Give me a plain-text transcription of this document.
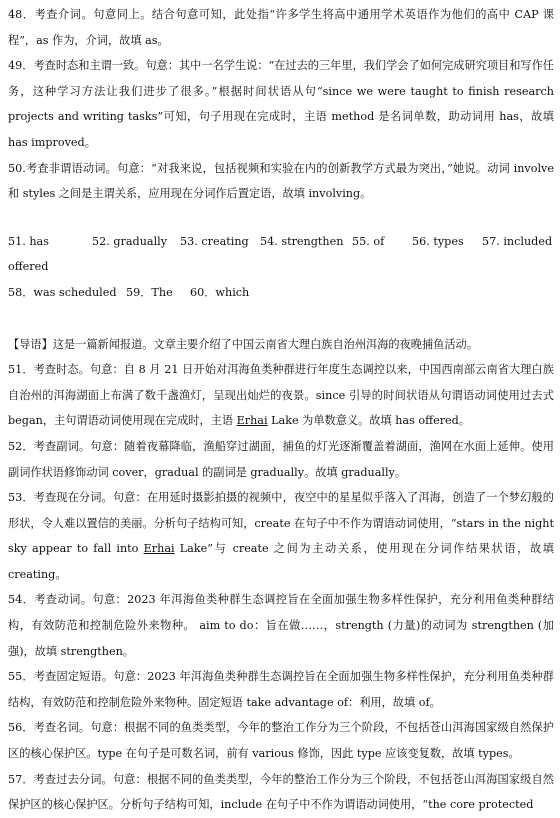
48．考查介词。句意同上。结合句意可知，此处指“许多学生将高中通用学术英语作为他们的高中 CAP 课程”，as 作为，介词，故填 as。

49．考查时态和主谓一致。句意：其中一名学生说：“在过去的三年里，我们学会了如何完成研究项目和写作任务，这种学习方法让我们进步了很多。”根据时间状语从句“since we were taught to finish research projects and writing tasks”可知，句子用现在完成时，主语 method 是名词单数，助动词用 has，故填 has improved。

50.考查非谓语动词。句意：“对我来说，包括视频和实验在内的创新教学方式最为突出，”她说。动词 involve 和 styles 之间是主谓关系，应用现在分词作后置定语，故填 involving。

51. has offered
52. gradually	53. creating	54. strengthen 55. of	56. types	57. included
58．was scheduled 59．The	60．which

【导语】这是一篇新闻报道。文章主要介绍了中国云南省大理白族自治州洱海的夜晚捕鱼活动。

51．考查时态。句意：自 8 月 21 日开始对洱海鱼类种群进行年度生态调控以来，中国西南部云南省大理白族自治州的洱海湖面上布满了数千盏渔灯，呈现出灿烂的夜景。since 引导的时间状语从句谓语动词使用过去式 began，主句谓语动词使用现在完成时，主语 Erhai Lake 为单数意义。故填 has offered。

52．考查副词。句意：随着夜幕降临，渔船穿过湖面，捕鱼的灯光逐渐覆盖着湖面，渔网在水面上延伸。使用副词作状语修饰动词 cover，gradual 的副词是 gradually。故填 gradually。

53．考查现在分词。句意：在用延时摄影拍摄的视频中，夜空中的星星似乎落入了洱海，创造了一个梦幻般的形状，令人难以置信的美丽。分析句子结构可知，create 在句子中不作为谓语动词使用，“stars in the night sky appear to fall into Erhai Lake”与 create 之间为主动关系，使用现在分词作结果状语，故填 creating。

54．考查动词。句意：2023 年洱海鱼类种群生态调控旨在全面加强生物多样性保护，充分利用鱼类种群结构，有效防范和控制危险外来物种。 aim to do：旨在做……，strength (力量)的动词为 strengthen (加强)，故填 strengthen。

55．考查固定短语。句意：2023 年洱海鱼类种群生态调控旨在全面加强生物多样性保护，充分利用鱼类种群结构，有效防范和控制危险外来物种。固定短语 take advantage of：利用，故填 of。

56．考查名词。句意：根据不同的鱼类类型，今年的整治工作分为三个阶段，不包括苍山洱海国家级自然保护区的核心保护区。type 在句子是可数名词，前有 various 修饰，因此 type 应该变复数，故填 types。

57．考查过去分词。句意：根据不同的鱼类类型，今年的整治工作分为三个阶段，不包括苍山洱海国家级自然保护区的核心保护区。分析句子结构可知，include 在句子中不作为谓语动词使用，“the core protected
